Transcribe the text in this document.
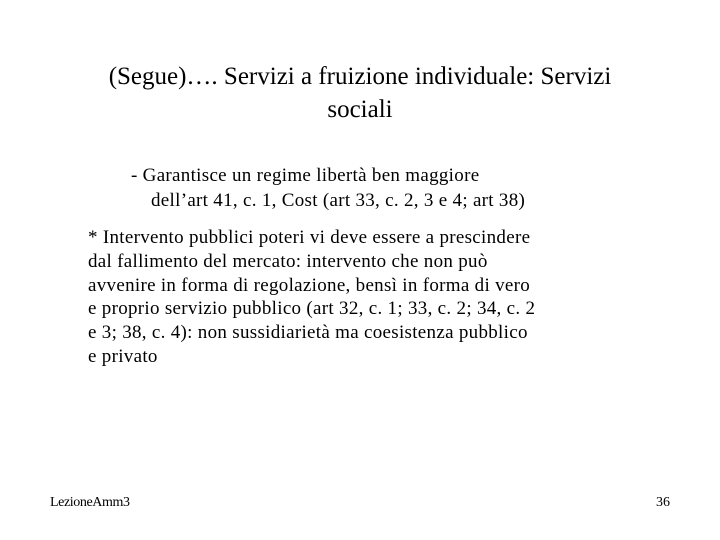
(Segue)…. Servizi a fruizione individuale: Servizi
sociali

- Garantisce un regime libertà ben maggiore
dell’art 41, c. 1, Cost (art 33, c. 2, 3 e 4; art 38)

* Intervento pubblici poteri vi deve essere a prescindere
dal fallimento del mercato: intervento che non può
avvenire in forma di regolazione, bensì in forma di vero
e proprio servizio pubblico (art 32, c. 1; 33, c. 2; 34, c. 2
e 3; 38, c. 4): non sussidiarietà ma coesistenza pubblico
e privato

LezioneAmm3	36
